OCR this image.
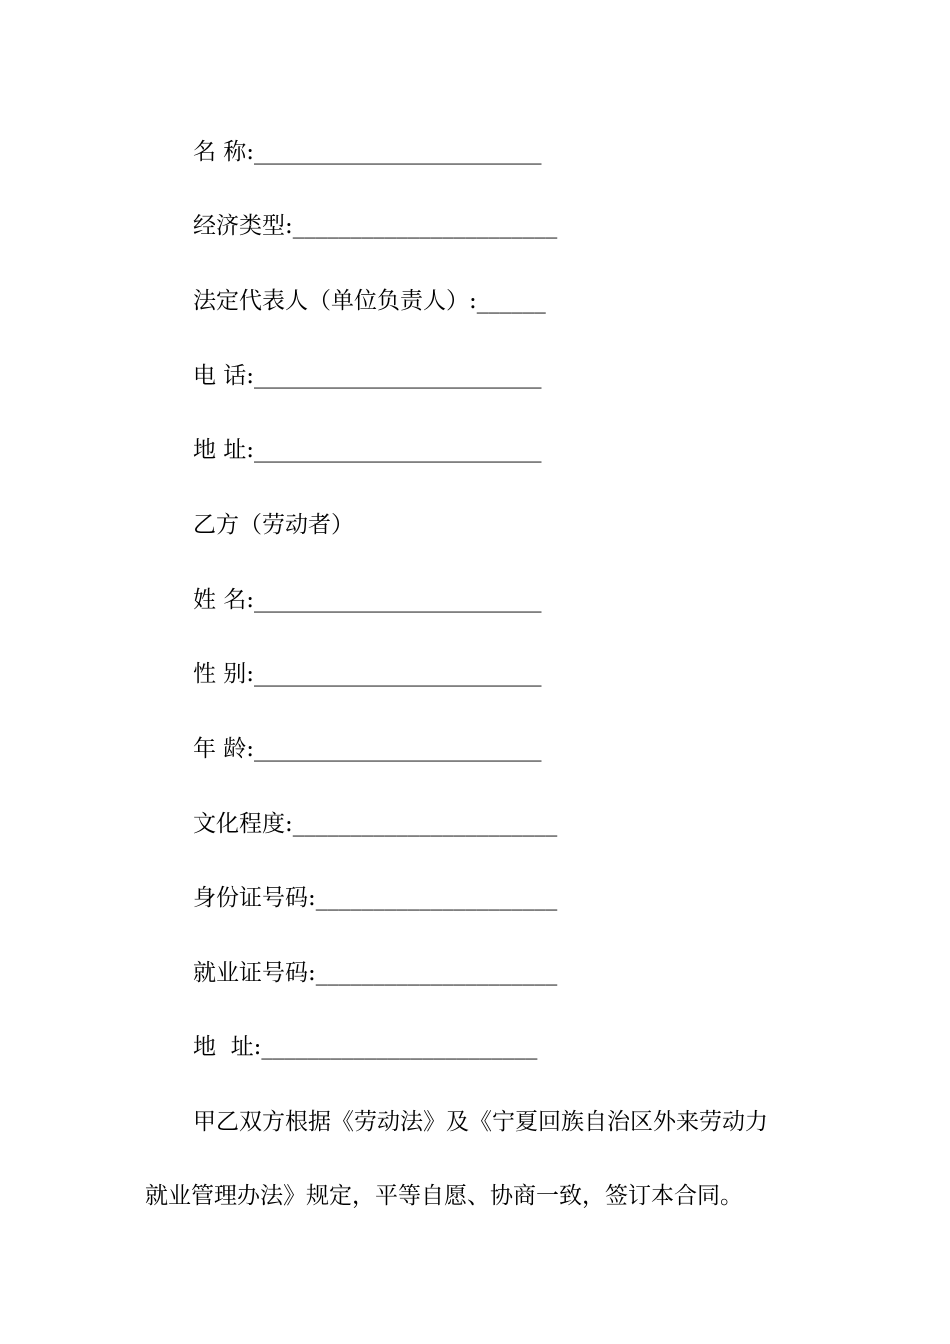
名 称:_________________________
经济类型:_______________________
法定代表人（单位负责人）:______
电 话:_________________________
地 址:_________________________
乙方（劳动者）
姓 名:_________________________
性 别:_________________________
年 龄:_________________________
文化程度:_______________________
身份证号码:_____________________
就业证号码:_____________________
地  址:________________________
甲乙双方根据《劳动法》及《宁夏回族自治区外来劳动力
就业管理办法》规定，平等自愿、协商一致，签订本合同。
